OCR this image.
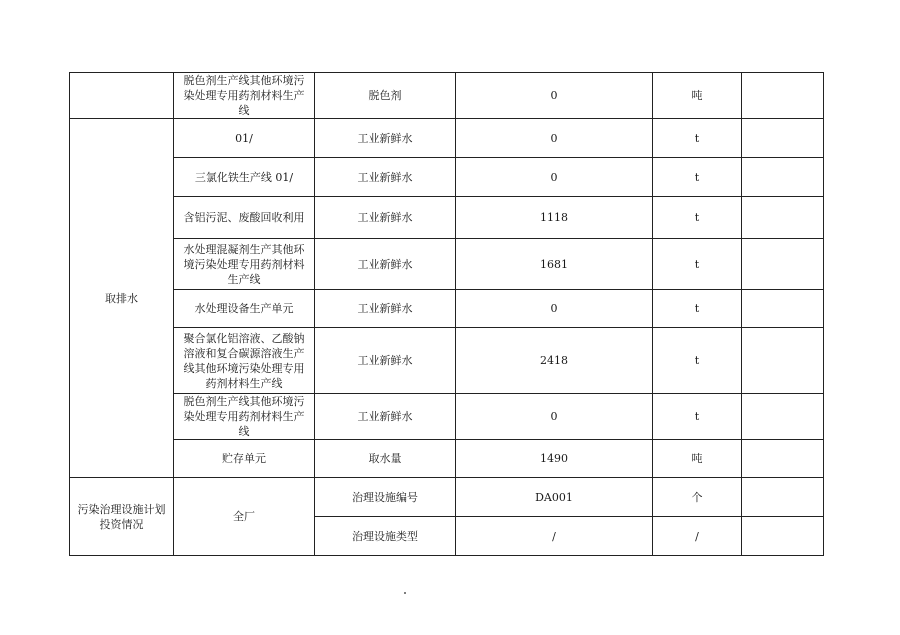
	脱色剂生产线其他环境污染处理专用药剂材料生产线	脱色剂	0	吨	
取排水	01/	工业新鲜水	0	t	
	三氯化铁生产线 01/	工业新鲜水	0	t	
	含铝污泥、废酸回收利用	工业新鲜水	1118	t	
	水处理混凝剂生产其他环境污染处理专用药剂材料生产线	工业新鲜水	1681	t	
	水处理设备生产单元	工业新鲜水	0	t	
	聚合氯化铝溶液、乙酸钠溶液和复合碳源溶液生产线其他环境污染处理专用药剂材料生产线	工业新鲜水	2418	t	
	脱色剂生产线其他环境污染处理专用药剂材料生产线	工业新鲜水	0	t	
	贮存单元	取水量	1490	吨	
污染治理设施计划投资情况	全厂	治理设施编号	DA001	个	
		治理设施类型	/	/	
